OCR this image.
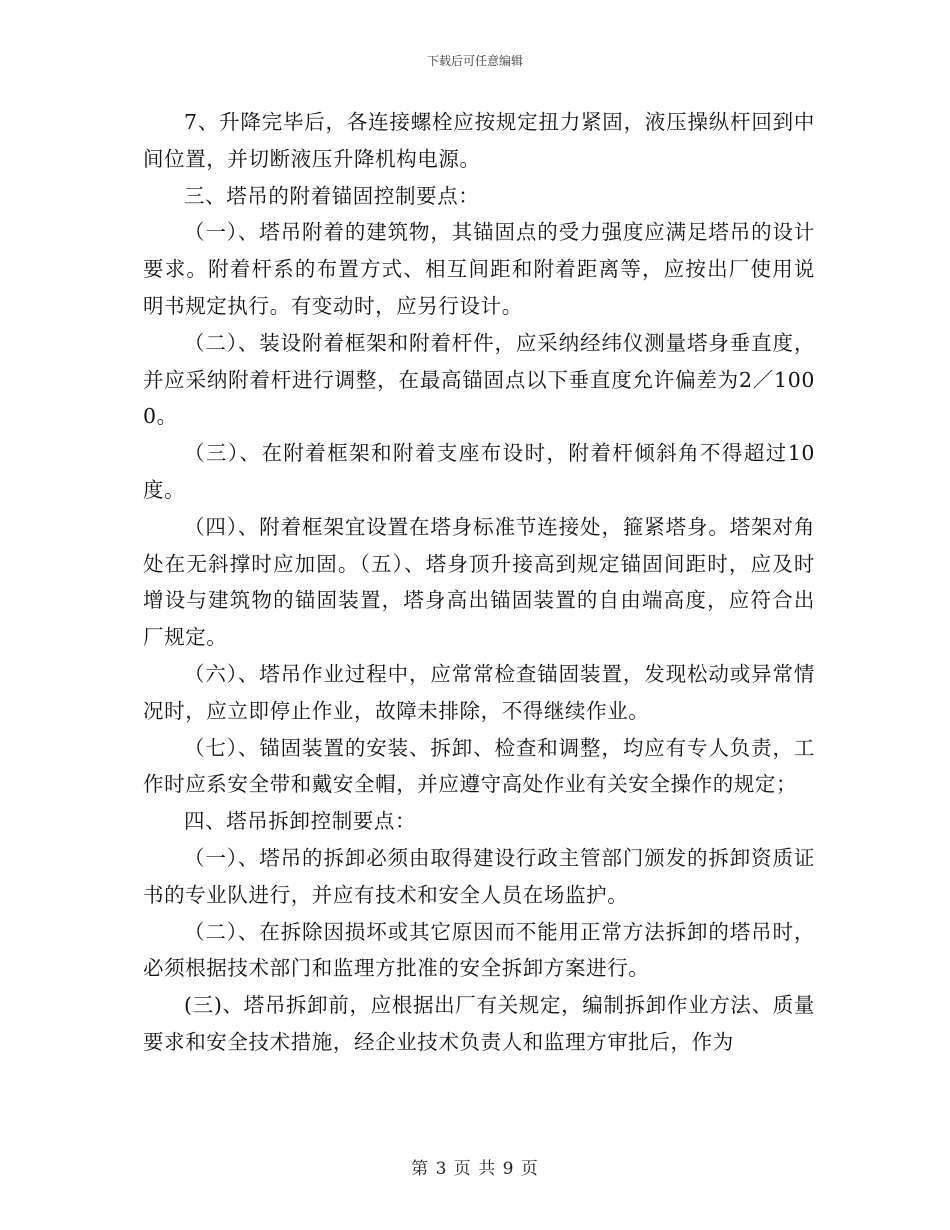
下载后可任意编辑

7、升降完毕后，各连接螺栓应按规定扭力紧固，液压操纵杆回到中间位置，并切断液压升降机构电源。

三、塔吊的附着锚固控制要点：

（一）、塔吊附着的建筑物，其锚固点的受力强度应满足塔吊的设计要求。附着杆系的布置方式、相互间距和附着距离等，应按出厂使用说明书规定执行。有变动时，应另行设计。

（二）、装设附着框架和附着杆件，应采纳经纬仪测量塔身垂直度，并应采纳附着杆进行调整，在最高锚固点以下垂直度允许偏差为2／1000。

（三）、在附着框架和附着支座布设时，附着杆倾斜角不得超过10度。

（四）、附着框架宜设置在塔身标准节连接处，箍紧塔身。塔架对角处在无斜撑时应加固。（五）、塔身顶升接高到规定锚固间距时，应及时增设与建筑物的锚固装置，塔身高出锚固装置的自由端高度，应符合出厂规定。

（六）、塔吊作业过程中，应常常检查锚固装置，发现松动或异常情况时，应立即停止作业，故障未排除，不得继续作业。

（七）、锚固装置的安装、拆卸、检查和调整，均应有专人负责，工作时应系安全带和戴安全帽，并应遵守高处作业有关安全操作的规定；

四、塔吊拆卸控制要点：

（一）、塔吊的拆卸必须由取得建设行政主管部门颁发的拆卸资质证书的专业队进行，并应有技术和安全人员在场监护。

（二）、在拆除因损坏或其它原因而不能用正常方法拆卸的塔吊时，必须根据技术部门和监理方批准的安全拆卸方案进行。

(三)、塔吊拆卸前，应根据出厂有关规定，编制拆卸作业方法、质量要求和安全技术措施，经企业技术负责人和监理方审批后，作为

第 3 页 共 9 页
